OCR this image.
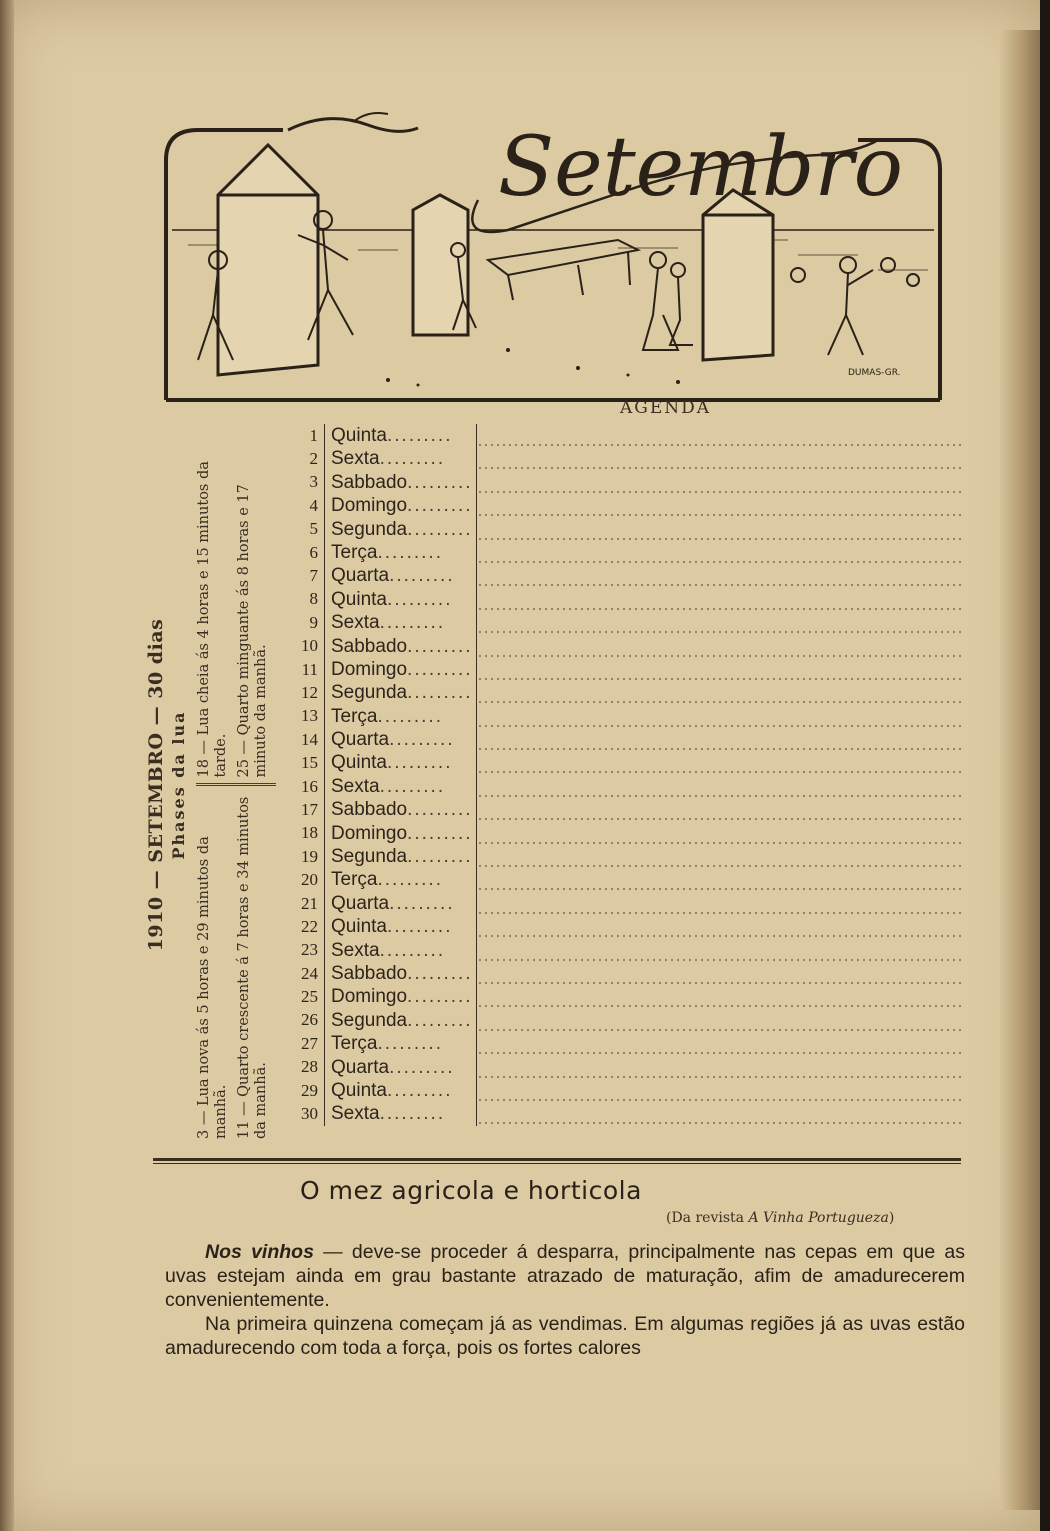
Setembro
DUMAS-GR.
AGENDA
1910 — SETEMBRO — 30 dias Phases da lua
3 — Lua nova ás 5 horas e 29 minutos da manhã. 11 — Quarto crescente á 7 horas e 34 minutos da manhã.
18 — Lua cheia ás 4 horas e 15 minutos da tarde. 25 — Quarto minguante ás 8 horas e 17 minuto da manhã.
1 Quinta.........
2 Sexta.........
3 Sabbado.........
4 Domingo.........
5 Segunda.........
6 Terça.........
7 Quarta.........
8 Quinta.........
9 Sexta.........
10 Sabbado.........
11 Domingo.........
12 Segunda.........
13 Terça.........
14 Quarta.........
15 Quinta.........
16 Sexta.........
17 Sabbado.........
18 Domingo.........
19 Segunda.........
20 Terça.........
21 Quarta.........
22 Quinta.........
23 Sexta.........
24 Sabbado.........
25 Domingo.........
26 Segunda.........
27 Terça.........
28 Quarta.........
29 Quinta.........
30 Sexta.........
O mez agricola e horticola
(Da revista A Vinha Portugueza)

Nos vinhos — deve-se proceder á desparra, principalmente nas cepas em que as uvas estejam ainda em grau bastante atrazado de maturação, afim de amadurecerem convenientemente.

Na primeira quinzena começam já as vendimas. Em algumas regiões já as uvas estão amadurecendo com toda a força, pois os fortes calores
